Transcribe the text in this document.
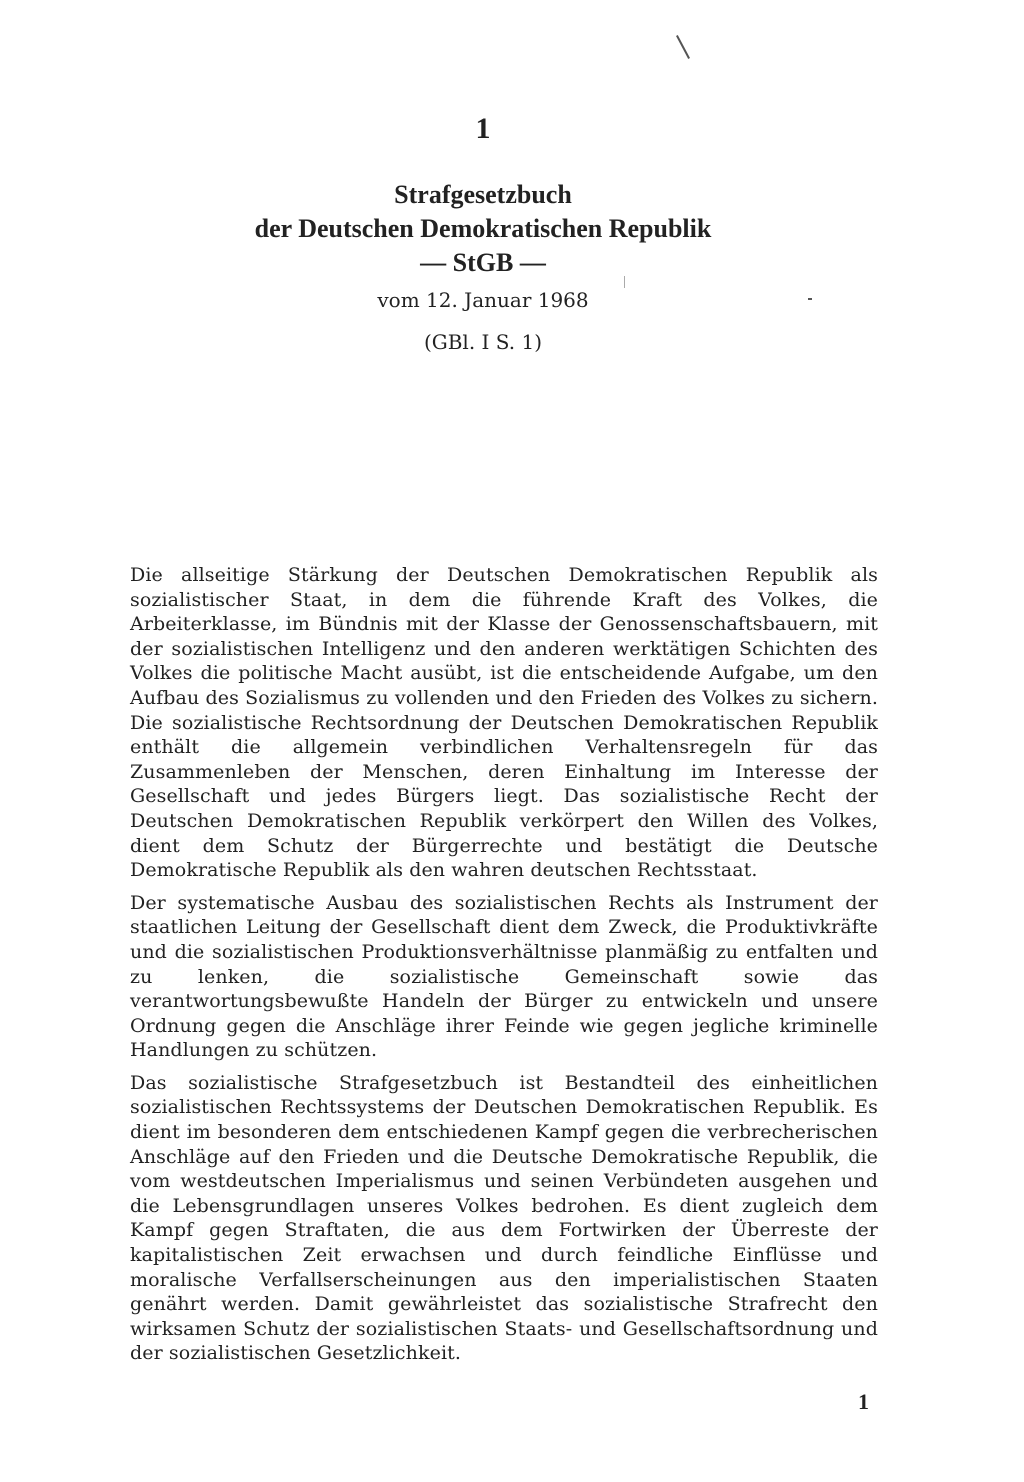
1
Strafgesetzbuch
der Deutschen Demokratischen Republik
— StGB —
vom 12. Januar 1968
(GBl. I S. 1)

Die allseitige Stärkung der Deutschen Demokratischen Republik als sozialistischer Staat, in dem die führende Kraft des Volkes, die Arbeiterklasse, im Bündnis mit der Klasse der Genossenschaftsbauern, mit der sozialistischen Intelligenz und den anderen werktätigen Schichten des Volkes die politische Macht ausübt, ist die entscheidende Aufgabe, um den Aufbau des Sozialismus zu vollenden und den Frieden des Volkes zu sichern. Die sozialistische Rechtsordnung der Deutschen Demokratischen Republik enthält die allgemein verbindlichen Verhaltensregeln für das Zusammenleben der Menschen, deren Einhaltung im Interesse der Gesellschaft und jedes Bürgers liegt. Das sozialistische Recht der Deutschen Demokratischen Republik verkörpert den Willen des Volkes, dient dem Schutz der Bürgerrechte und bestätigt die Deutsche Demokratische Republik als den wahren deutschen Rechtsstaat.

Der systematische Ausbau des sozialistischen Rechts als Instrument der staatlichen Leitung der Gesellschaft dient dem Zweck, die Produktivkräfte und die sozialistischen Produktionsverhältnisse planmäßig zu entfalten und zu lenken, die sozialistische Gemeinschaft sowie das verantwortungsbewußte Handeln der Bürger zu entwickeln und unsere Ordnung gegen die Anschläge ihrer Feinde wie gegen jegliche kriminelle Handlungen zu schützen.

Das sozialistische Strafgesetzbuch ist Bestandteil des einheitlichen sozialistischen Rechtssystems der Deutschen Demokratischen Republik. Es dient im besonderen dem entschiedenen Kampf gegen die verbrecherischen Anschläge auf den Frieden und die Deutsche Demokratische Republik, die vom westdeutschen Imperialismus und seinen Verbündeten ausgehen und die Lebensgrundlagen unseres Volkes bedrohen. Es dient zugleich dem Kampf gegen Straftaten, die aus dem Fortwirken der Überreste der kapitalistischen Zeit erwachsen und durch feindliche Einflüsse und moralische Verfallserscheinungen aus den imperialistischen Staaten genährt werden. Damit gewährleistet das sozialistische Strafrecht den wirksamen Schutz der sozialistischen Staats- und Gesellschaftsordnung und der sozialistischen Gesetzlichkeit.

1
